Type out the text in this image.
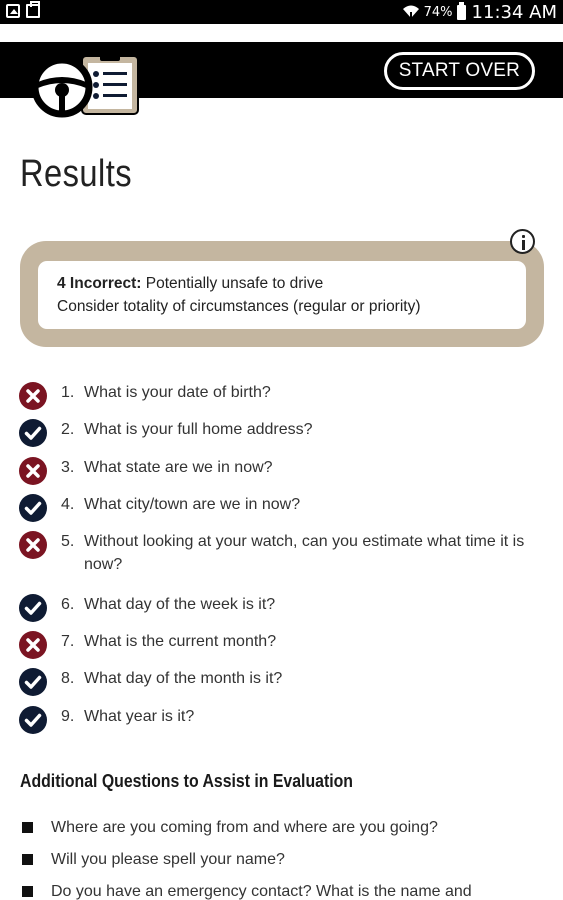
74% 11:34 AM
START OVER
Results
4 Incorrect: Potentially unsafe to drive
Consider totality of circumstances (regular or priority)
1. What is your date of birth?
2. What is your full home address?
3. What state are we in now?
4. What city/town are we in now?
5. Without looking at your watch, can you estimate what time it is now?
6. What day of the week is it?
7. What is the current month?
8. What day of the month is it?
9. What year is it?
Additional Questions to Assist in Evaluation
Where are you coming from and where are you going?
Will you please spell your name?
Do you have an emergency contact? What is the name and
